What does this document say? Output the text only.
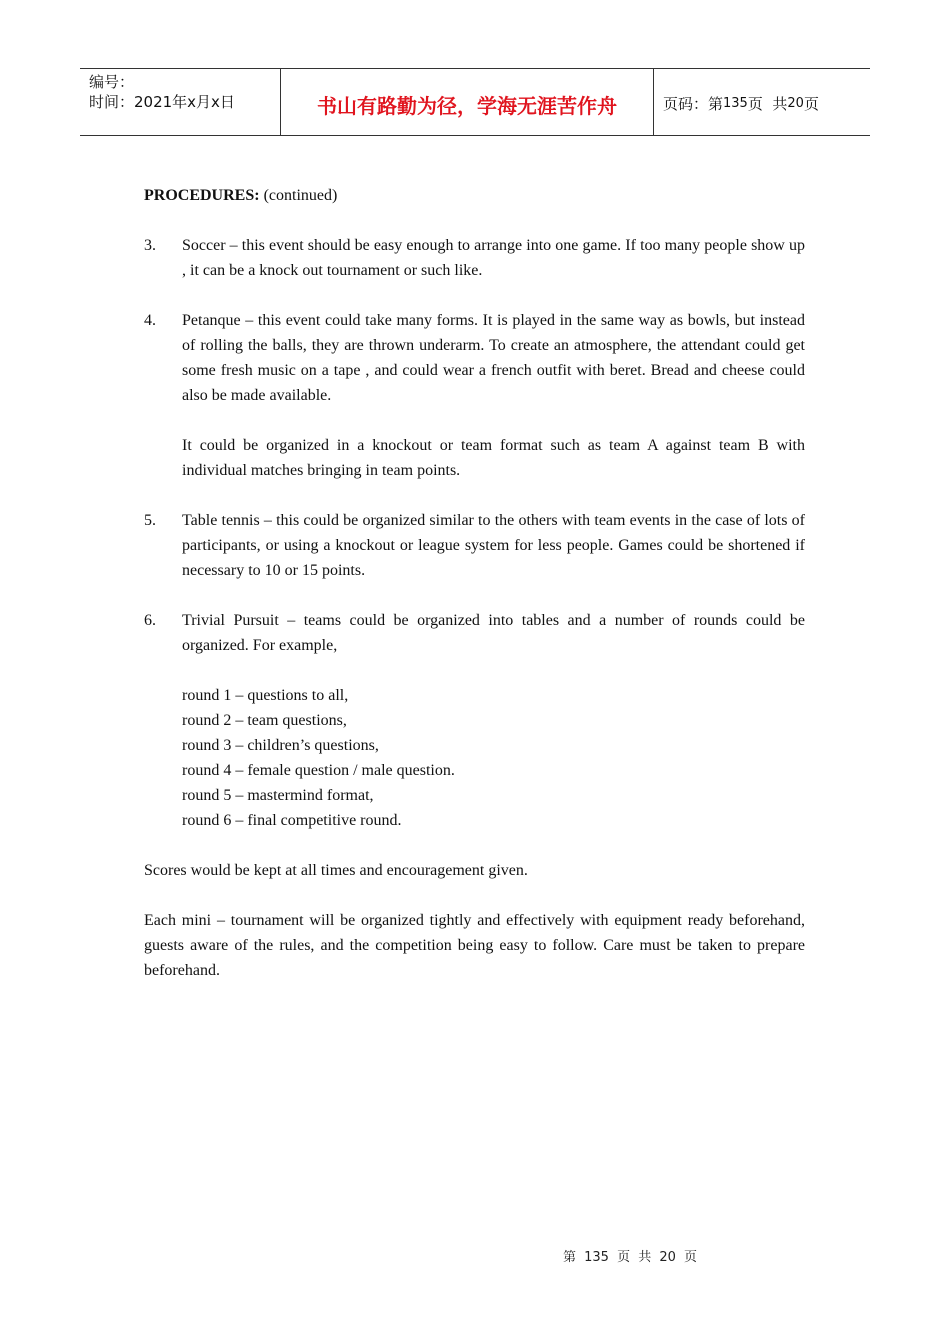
编号：
时间：2021年x月x日	书山有路勤为径，学海无涯苦作舟	页码：第 135 页  共 20 页

PROCEDURES: (continued)

3.	Soccer – this event should be easy enough to arrange into one game. If too many people show up , it can be a knock out tournament or such like.
4.	Petanque – this event could take many forms. It is played in the same way as bowls, but instead of rolling the balls, they are thrown underarm. To create an atmosphere, the attendant could get some fresh music on a tape , and could wear a french outfit with beret. Bread and cheese could also be made available.

It could be organized in a knockout or team format such as team A against team B with individual matches bringing in team points.

5.	Table tennis – this could be organized similar to the others with team events in the case of lots of participants, or using a knockout or league system for less people. Games could be shortened if necessary to 10 or 15 points.
6.	Trivial Pursuit – teams could be organized into tables and a number of rounds could be organized. For example,

round 1 – questions to all,

round 2 – team questions,

round 3 – children’s questions,

round 4 – female question / male question.

round 5 – mastermind format,

round 6 – final competitive round.

Scores would be kept at all times and encouragement given.

Each mini – tournament will be organized tightly and effectively with equipment ready beforehand, guests aware of the rules, and the competition being easy to follow. Care must be taken to prepare beforehand.

第 135 页 共 20 页
